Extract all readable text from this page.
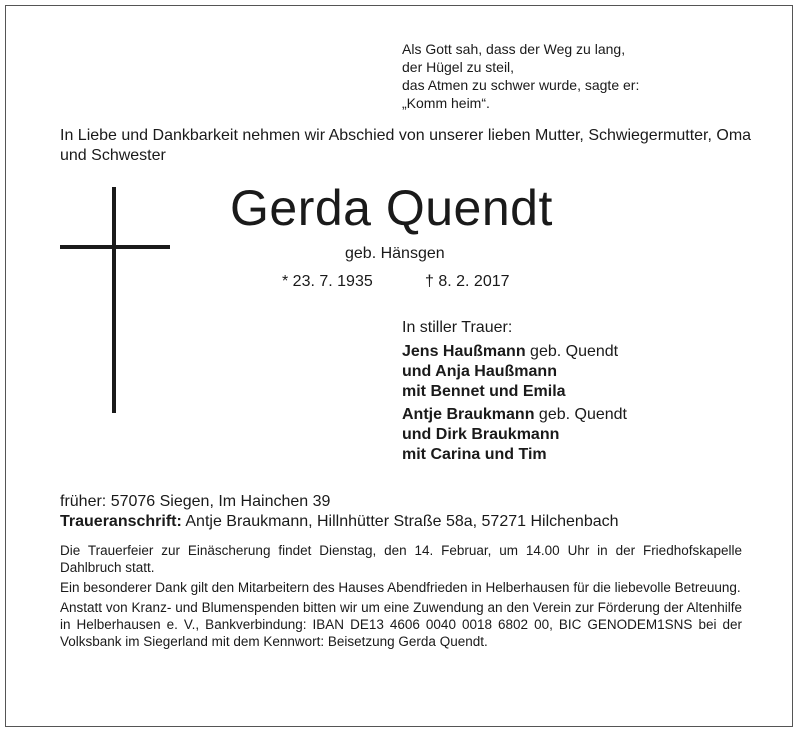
Als Gott sah, dass der Weg zu lang,
der Hügel zu steil,
das Atmen zu schwer wurde, sagte er:
„Komm heim“.
In Liebe und Dankbarkeit nehmen wir Abschied von unserer lieben Mutter, Schwiegermutter, Oma und Schwester
Gerda Quendt
geb. Hänsgen
* 23. 7. 1935	† 8. 2. 2017
In stiller Trauer:
Jens Haußmann geb. Quendt
und Anja Haußmann
mit Bennet und Emila
Antje Braukmann geb. Quendt
und Dirk Braukmann
mit Carina und Tim
früher: 57076 Siegen, Im Hainchen 39
Traueranschrift: Antje Braukmann, Hillnhütter Straße 58a, 57271 Hilchenbach

Die Trauerfeier zur Einäscherung findet Dienstag, den 14. Februar, um 14.00 Uhr in der Friedhofskapelle Dahlbruch statt.

Ein besonderer Dank gilt den Mitarbeitern des Hauses Abendfrieden in Helberhausen für die liebevolle Betreuung.

Anstatt von Kranz- und Blumenspenden bitten wir um eine Zuwendung an den Verein zur Förderung der Altenhilfe in Helberhausen e. V., Bankverbindung: IBAN DE13 4606 0040 0018 6802 00, BIC GENODEM1SNS bei der Volksbank im Siegerland mit dem Kennwort: Beisetzung Gerda Quendt.
